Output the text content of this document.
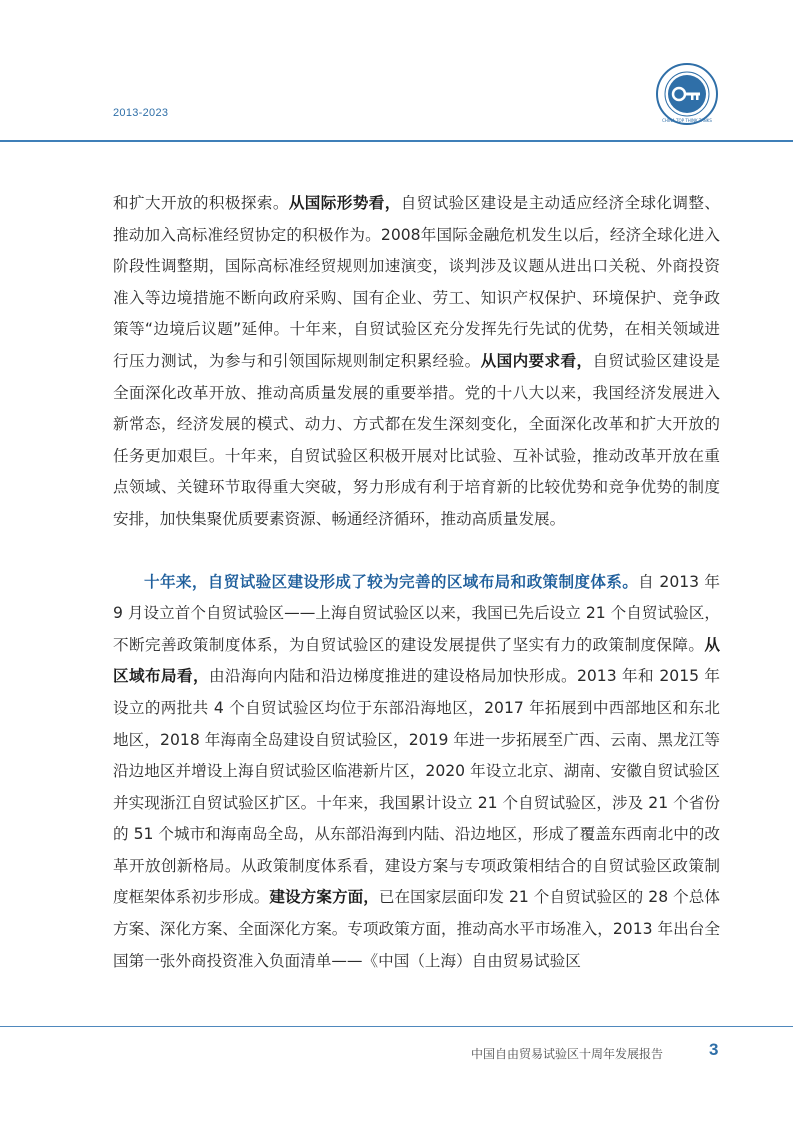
2013-2023
CHINA TOP THINK TANKS

和扩大开放的积极探索。从国际形势看，自贸试验区建设是主动适应经济全球化调整、推动加入高标准经贸协定的积极作为。2008年国际金融危机发生以后，经济全球化进入阶段性调整期，国际高标准经贸规则加速演变，谈判涉及议题从进出口关税、外商投资准入等边境措施不断向政府采购、国有企业、劳工、知识产权保护、环境保护、竞争政策等“边境后议题”延伸。十年来，自贸试验区充分发挥先行先试的优势，在相关领域进行压力测试，为参与和引领国际规则制定积累经验。从国内要求看，自贸试验区建设是全面深化改革开放、推动高质量发展的重要举措。党的十八大以来，我国经济发展进入新常态，经济发展的模式、动力、方式都在发生深刻变化，全面深化改革和扩大开放的任务更加艰巨。十年来，自贸试验区积极开展对比试验、互补试验，推动改革开放在重点领域、关键环节取得重大突破，努力形成有利于培育新的比较优势和竞争优势的制度安排，加快集聚优质要素资源、畅通经济循环，推动高质量发展。

十年来，自贸试验区建设形成了较为完善的区域布局和政策制度体系。自 2013 年 9 月设立首个自贸试验区——上海自贸试验区以来，我国已先后设立 21 个自贸试验区，不断完善政策制度体系，为自贸试验区的建设发展提供了坚实有力的政策制度保障。从区域布局看，由沿海向内陆和沿边梯度推进的建设格局加快形成。2013 年和 2015 年设立的两批共 4 个自贸试验区均位于东部沿海地区，2017 年拓展到中西部地区和东北地区，2018 年海南全岛建设自贸试验区，2019 年进一步拓展至广西、云南、黑龙江等沿边地区并增设上海自贸试验区临港新片区，2020 年设立北京、湖南、安徽自贸试验区并实现浙江自贸试验区扩区。十年来，我国累计设立 21 个自贸试验区，涉及 21 个省份的 51 个城市和海南岛全岛，从东部沿海到内陆、沿边地区，形成了覆盖东西南北中的改革开放创新格局。从政策制度体系看，建设方案与专项政策相结合的自贸试验区政策制度框架体系初步形成。建设方案方面，已在国家层面印发 21 个自贸试验区的 28 个总体方案、深化方案、全面深化方案。专项政策方面，推动高水平市场准入，2013 年出台全国第一张外商投资准入负面清单——《中国（上海）自由贸易试验区

中国自由贸易试验区十周年发展报告	3
